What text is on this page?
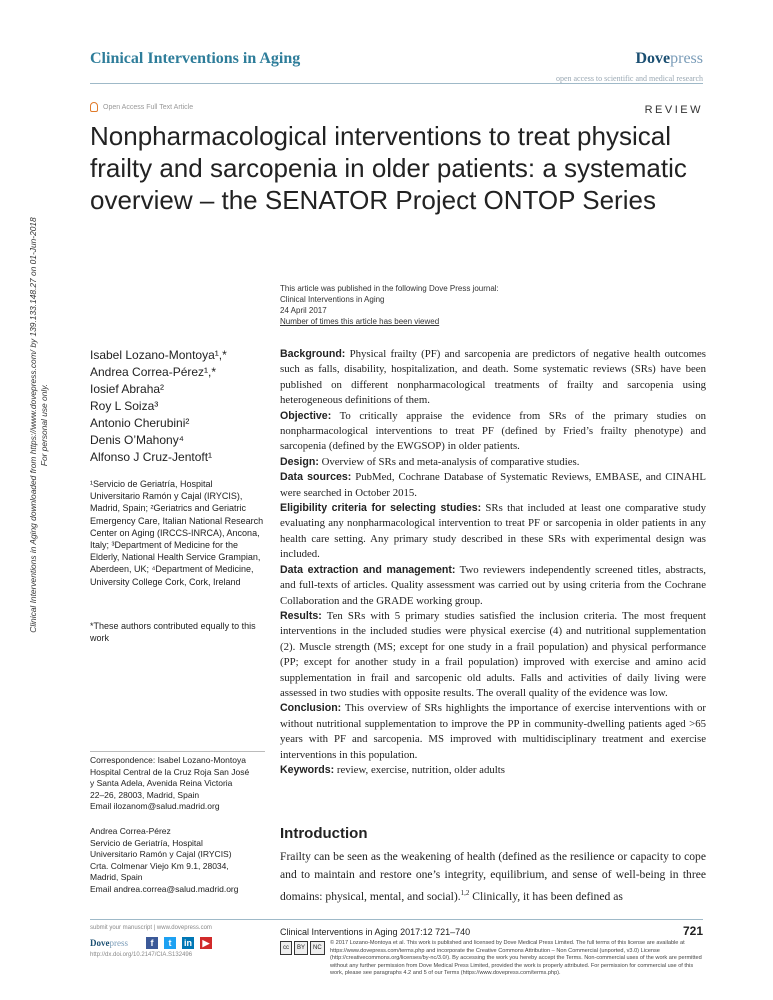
Clinical Interventions in Aging	Dovepress
open access to scientific and medical research
Open Access Full Text Article	REVIEW
Nonpharmacological interventions to treat physical frailty and sarcopenia in older patients: a systematic overview – the SENATOR Project ONTOP Series
This article was published in the following Dove Press journal:
Clinical Interventions in Aging
24 April 2017
Number of times this article has been viewed
Clinical Interventions in Aging downloaded from https://www.dovepress.com/ by 139.133.148.27 on 01-Jun-2018
For personal use only.
Isabel Lozano-Montoya¹,*
Andrea Correa-Pérez¹,*
Iosief Abraha²
Roy L Soiza³
Antonio Cherubini²
Denis O’Mahony⁴
Alfonso J Cruz-Jentoft¹
¹Servicio de Geriatría, Hospital Universitario Ramón y Cajal (IRYCIS), Madrid, Spain; ²Geriatrics and Geriatric Emergency Care, Italian National Research Center on Aging (IRCCS-INRCA), Ancona, Italy; ³Department of Medicine for the Elderly, National Health Service Grampian, Aberdeen, UK; ⁴Department of Medicine, University College Cork, Cork, Ireland
*These authors contributed equally to this work
Correspondence: Isabel Lozano-Montoya
Hospital Central de la Cruz Roja San José
y Santa Adela, Avenida Reina Victoria
22–26, 28003, Madrid, Spain
Email ilozanom@salud.madrid.org
Andrea Correa-Pérez
Servicio de Geriatría, Hospital
Universitario Ramón y Cajal (IRYCIS)
Crta. Colmenar Viejo Km 9.1, 28034,
Madrid, Spain
Email andrea.correa@salud.madrid.org

Background: Physical frailty (PF) and sarcopenia are predictors of negative health outcomes such as falls, disability, hospitalization, and death. Some systematic reviews (SRs) have been published on different nonpharmacological treatments of frailty and sarcopenia using heterogeneous definitions of them.

Objective: To critically appraise the evidence from SRs of the primary studies on nonpharmacological interventions to treat PF (defined by Fried’s frailty phenotype) and sarcopenia (defined by the EWGSOP) in older patients.

Design: Overview of SRs and meta-analysis of comparative studies.

Data sources: PubMed, Cochrane Database of Systematic Reviews, EMBASE, and CINAHL were searched in October 2015.

Eligibility criteria for selecting studies: SRs that included at least one comparative study evaluating any nonpharmacological intervention to treat PF or sarcopenia in older patients in any health care setting. Any primary study described in these SRs with experimental design was included.

Data extraction and management: Two reviewers independently screened titles, abstracts, and full-texts of articles. Quality assessment was carried out by using criteria from the Cochrane Collaboration and the GRADE working group.

Results: Ten SRs with 5 primary studies satisfied the inclusion criteria. The most frequent interventions in the included studies were physical exercise (4) and nutritional supplementation (2). Muscle strength (MS; except for one study in a frail population) and physical performance (PP; except for another study in a frail population) improved with exercise and amino acid supplementation in frail and sarcopenic old adults. Falls and activities of daily living were assessed in two studies with opposite results. The overall quality of the evidence was low.

Conclusion: This overview of SRs highlights the importance of exercise interventions with or without nutritional supplementation to improve the PP in community-dwelling patients aged >65 years with PF and sarcopenia. MS improved with multidisciplinary treatment and exercise interventions in this population.

Keywords: review, exercise, nutrition, older adults

Introduction
Frailty can be seen as the weakening of health (defined as the resilience or capacity to cope and to maintain and restore one’s integrity, equilibrium, and sense of well-being in three domains: physical, mental, and social).$^{1,2}$ Clinically, it has been defined as
submit your manuscript | www.dovepress.com
Dovepress	f	t	in ▶
http://dx.doi.org/10.2147/CIA.S132496
Clinical Interventions in Aging 2017:12 721–740	721
cc	BY	NC
© 2017 Lozano-Montoya et al. This work is published and licensed by Dove Medical Press Limited. The full terms of this license are available at https://www.dovepress.com/terms.php and incorporate the Creative Commons Attribution – Non Commercial (unported, v3.0) License (http://creativecommons.org/licenses/by-nc/3.0/). By accessing the work you hereby accept the Terms. Non-commercial uses of the work are permitted without any further permission from Dove Medical Press Limited, provided the work is properly attributed. For permission for commercial use of this work, please see paragraphs 4.2 and 5 of our Terms (https://www.dovepress.com/terms.php).
